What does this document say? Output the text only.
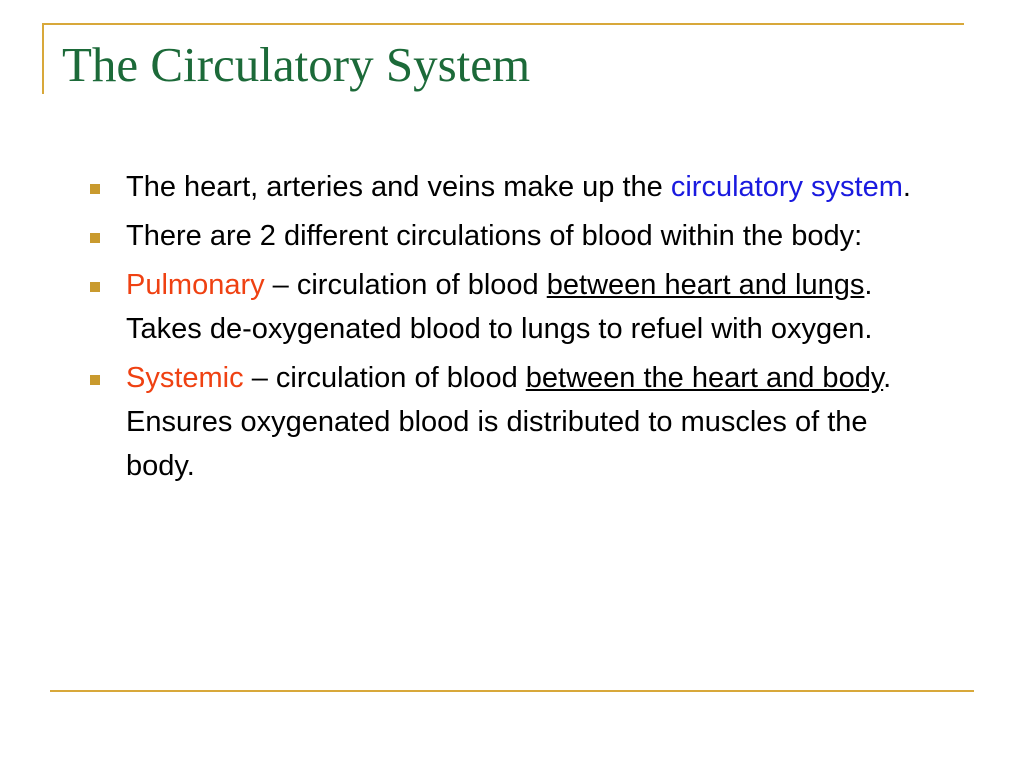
The Circulatory System
The heart, arteries and veins make up the circulatory system.
There are 2 different circulations of blood within the body:
Pulmonary – circulation of blood between heart and lungs. Takes de-oxygenated blood to lungs to refuel with oxygen.
Systemic – circulation of blood between the heart and body. Ensures oxygenated blood is distributed to muscles of the body.
